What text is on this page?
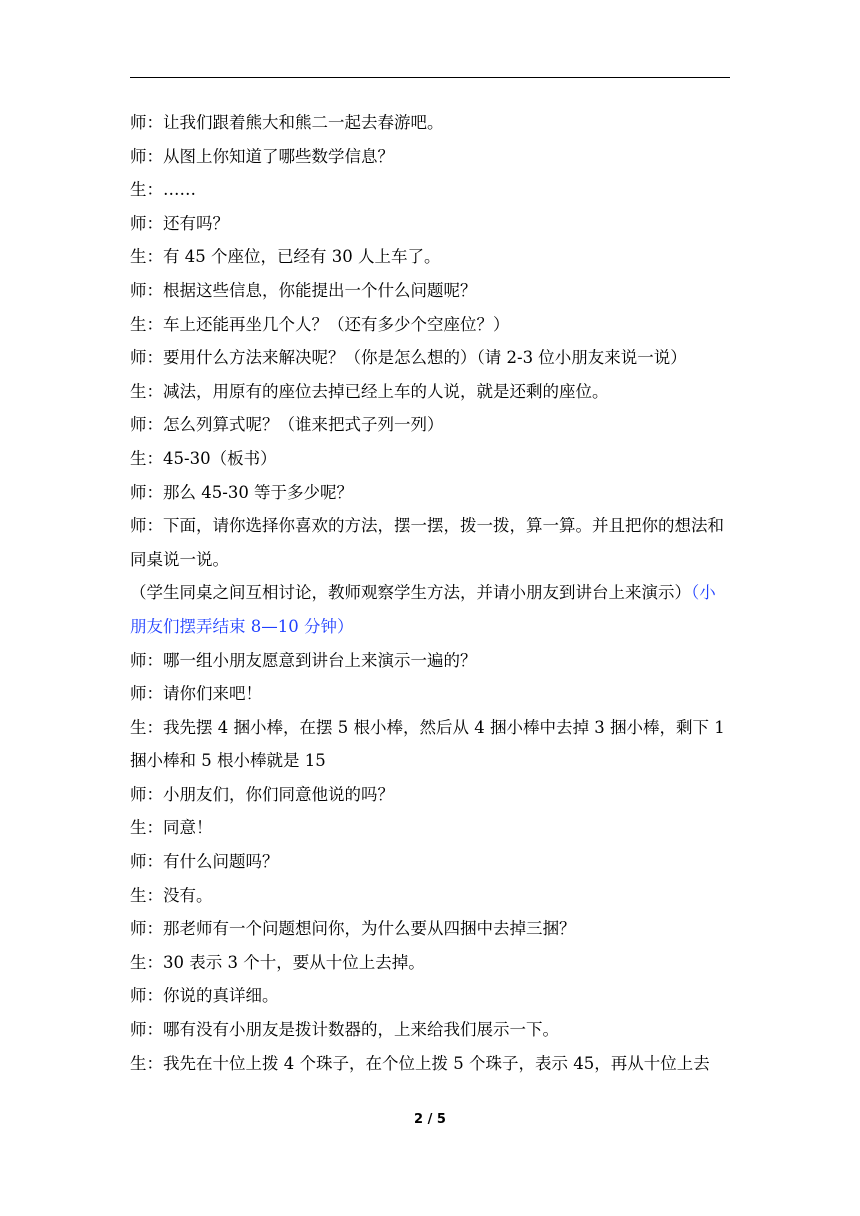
师：让我们跟着熊大和熊二一起去春游吧。

师：从图上你知道了哪些数学信息？

生：……

师：还有吗？

生：有 45 个座位，已经有 30 人上车了。

师：根据这些信息，你能提出一个什么问题呢？

生：车上还能再坐几个人？（还有多少个空座位？）

师：要用什么方法来解决呢？（你是怎么想的）（请 2-3 位小朋友来说一说）

生：减法，用原有的座位去掉已经上车的人说，就是还剩的座位。

师：怎么列算式呢？（谁来把式子列一列）

生：45-30（板书）

师：那么 45-30 等于多少呢？

师：下面，请你选择你喜欢的方法，摆一摆，拨一拨，算一算。并且把你的想法和同桌说一说。

（学生同桌之间互相讨论，教师观察学生方法，并请小朋友到讲台上来演示）（小朋友们摆弄结束 8—10 分钟）

师：哪一组小朋友愿意到讲台上来演示一遍的？

师：请你们来吧！

生：我先摆 4 捆小棒，在摆 5 根小棒，然后从 4 捆小棒中去掉 3 捆小棒，剩下 1 捆小棒和 5 根小棒就是 15

师：小朋友们，你们同意他说的吗？

生：同意！

师：有什么问题吗？

生：没有。

师：那老师有一个问题想问你，为什么要从四捆中去掉三捆？

生：30 表示 3 个十，要从十位上去掉。

师：你说的真详细。

师：哪有没有小朋友是拨计数器的，上来给我们展示一下。

生：我先在十位上拨 4 个珠子，在个位上拨 5 个珠子，表示 45，再从十位上去

2 / 5
